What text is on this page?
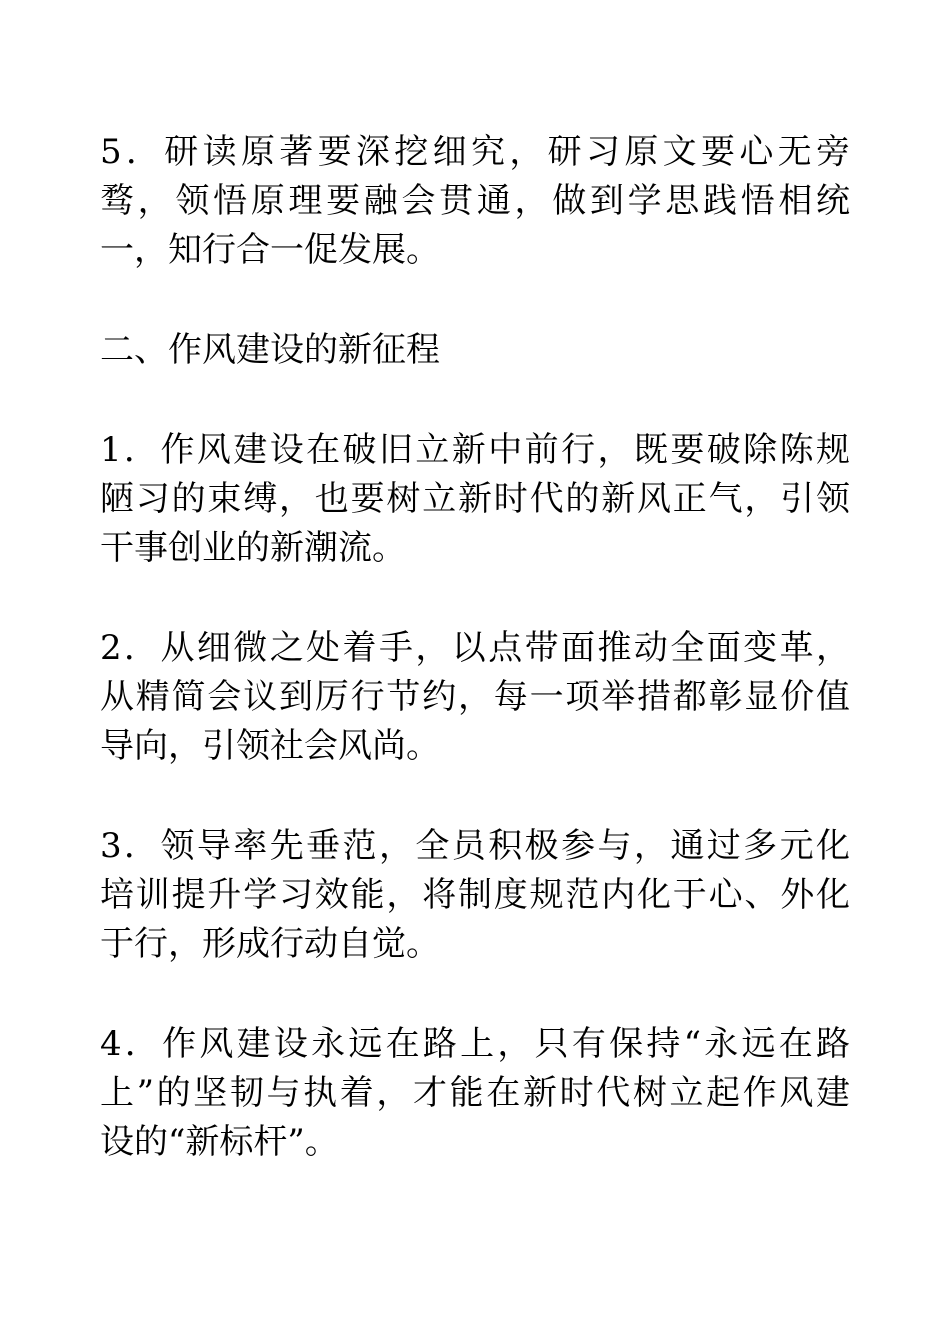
5．研读原著要深挖细究，研习原文要心无旁
骛，领悟原理要融会贯通，做到学思践悟相统
一，知行合一促发展。
二、作风建设的新征程
1．作风建设在破旧立新中前行，既要破除陈规
陋习的束缚，也要树立新时代的新风正气，引领
干事创业的新潮流。
2．从细微之处着手，以点带面推动全面变革，
从精简会议到厉行节约，每一项举措都彰显价值
导向，引领社会风尚。
3．领导率先垂范，全员积极参与，通过多元化
培训提升学习效能，将制度规范内化于心、外化
于行，形成行动自觉。
4．作风建设永远在路上，只有保持“永远在路
上”的坚韧与执着，才能在新时代树立起作风建
设的“新标杆”。
